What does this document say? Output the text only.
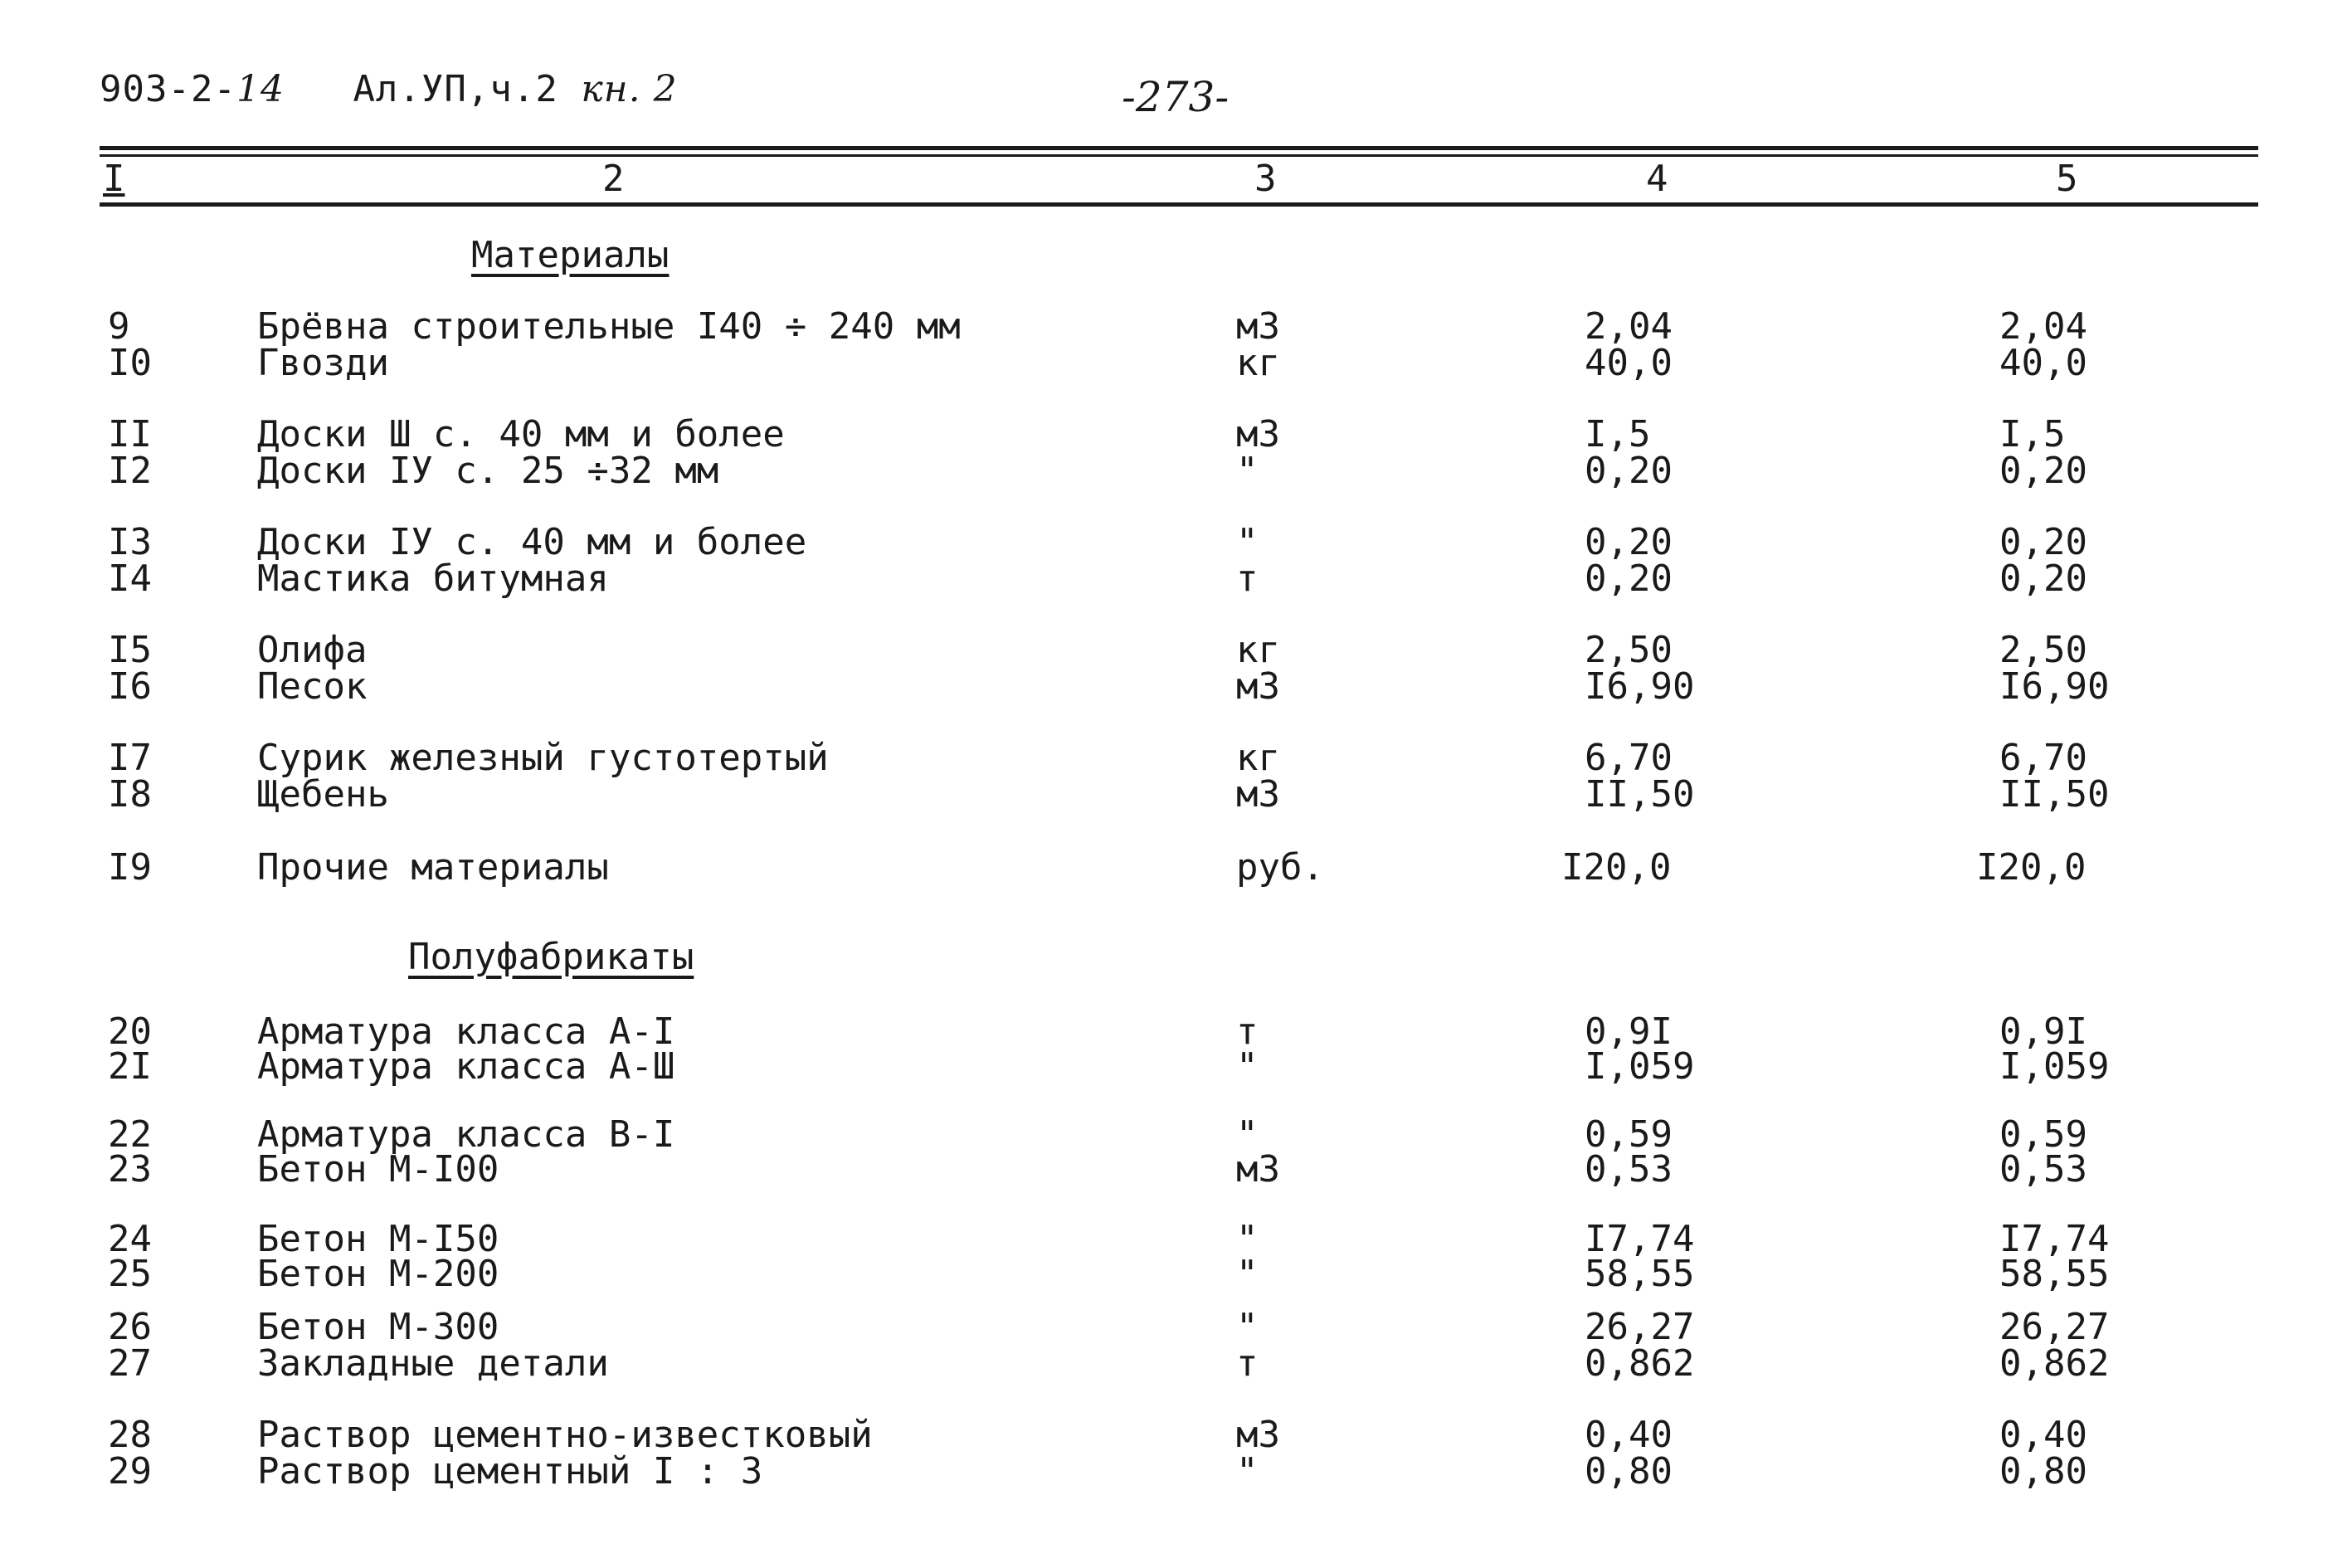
903-2-14 Ал.УП,ч.2 кн. 2	-273-
I	2	3	4	5
Материалы
9	Брёвна строительные I40 ÷ 240 мм	м3	2,04	2,04
I0	Гвозди	кг	40,0	40,0
II	Доски Ш с. 40 мм и более	м3	I,5	I,5
I2	Доски IУ с. 25 ÷32 мм	"	0,20	0,20
I3	Доски IУ с. 40 мм и более	"	0,20	0,20
I4	Мастика битумная	т	0,20	0,20
I5	Олифа	кг	2,50	2,50
I6	Песок	м3	I6,90	I6,90
I7	Сурик железный густотертый	кг	6,70	6,70
I8	Щебень	м3	II,50	II,50
I9	Прочие материалы	руб.	I20,0	I20,0
Полуфабрикаты
20	Арматура класса А-I	т	0,9I	0,9I
2I	Арматура класса А-Ш	"	I,059	I,059
22	Арматура класса В-I	"	0,59	0,59
23	Бетон М-I00	м3	0,53	0,53
24	Бетон М-I50	"	I7,74	I7,74
25	Бетон М-200	"	58,55	58,55
26	Бетон М-300	"	26,27	26,27
27	Закладные детали	т	0,862	0,862
28	Раствор цементно-известковый	м3	0,40	0,40
29	Раствор цементный I : 3	"	0,80	0,80
